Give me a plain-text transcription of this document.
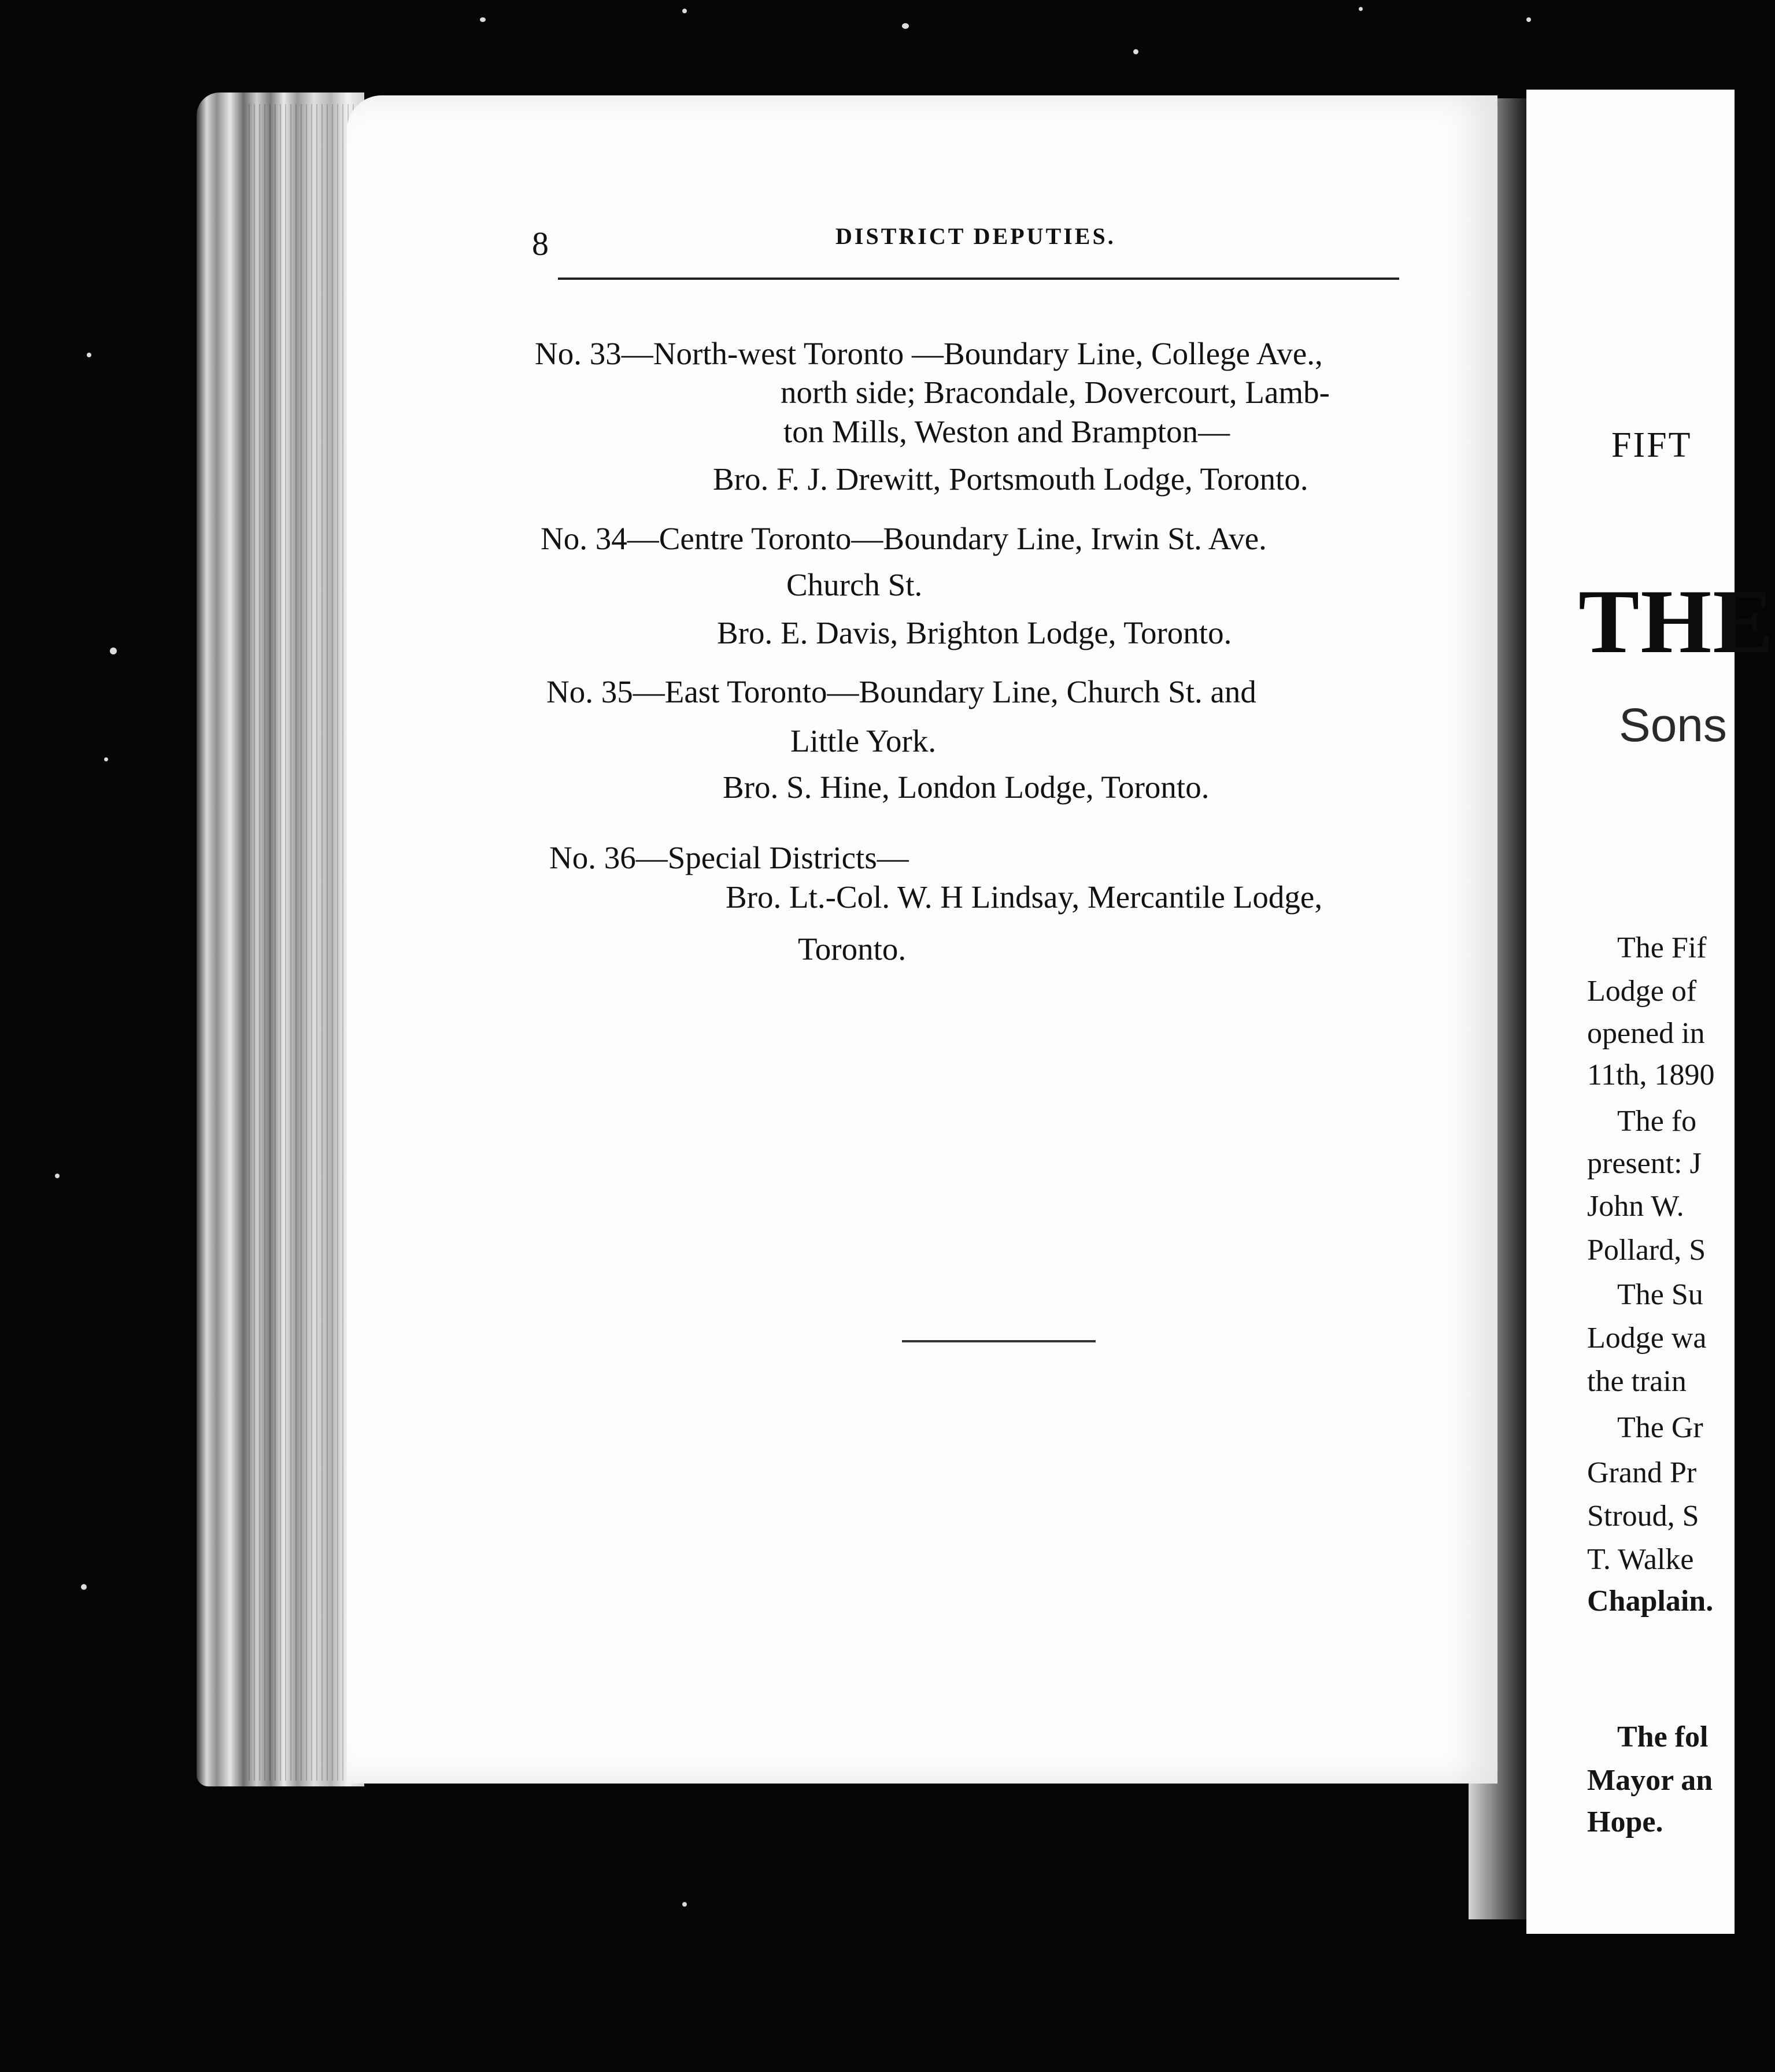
8	DISTRICT DEPUTIES.
No. 33—North-west Toronto —Boundary Line, College Ave.,
north side; Bracondale, Dovercourt, Lamb-
ton Mills, Weston and Brampton—
Bro. F. J. Drewitt, Portsmouth Lodge, Toronto.
No. 34—Centre Toronto—Boundary Line, Irwin St. Ave.
Church St.
Bro. E. Davis, Brighton Lodge, Toronto.
No. 35—East Toronto—Boundary Line, Church St. and
Little York.
Bro. S. Hine, London Lodge, Toronto.
No. 36—Special Districts—
Bro. Lt.-Col. W. H Lindsay, Mercantile Lodge,
Toronto.
FIFT
THE
Sons
The Fif
Lodge of
opened in
11th, 1890
The fo
present: J
John W.
Pollard, S
The Su
Lodge wa
the train
The Gr
Grand Pr
Stroud, S
T. Walke
Chaplain.
The fol
Mayor an
Hope.
